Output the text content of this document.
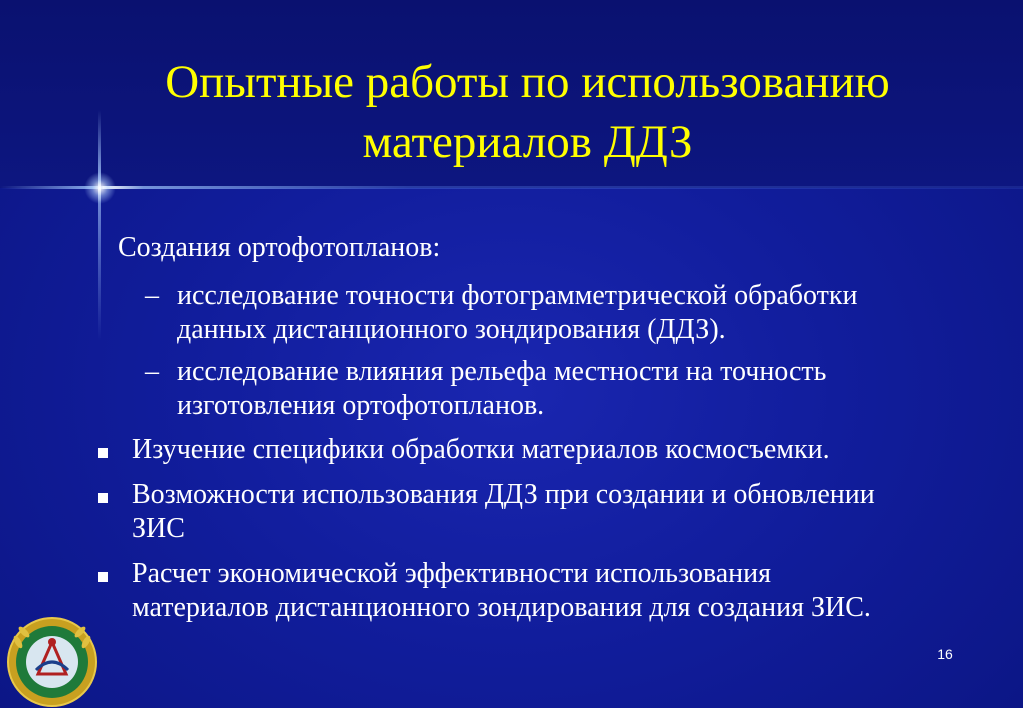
Опытные работы по использованию
материалов ДДЗ
Создания ортофотопланов:
– исследование точности фотограмметрической обработки
данных дистанционного зондирования (ДДЗ).
– исследование влияния рельефа местности на точность
изготовления ортофотопланов.
Изучение специфики обработки материалов космосъемки.
Возможности использования ДДЗ при создании и обновлении
ЗИС
Расчет экономической эффективности использования
материалов дистанционного зондирования для создания ЗИС.
16
